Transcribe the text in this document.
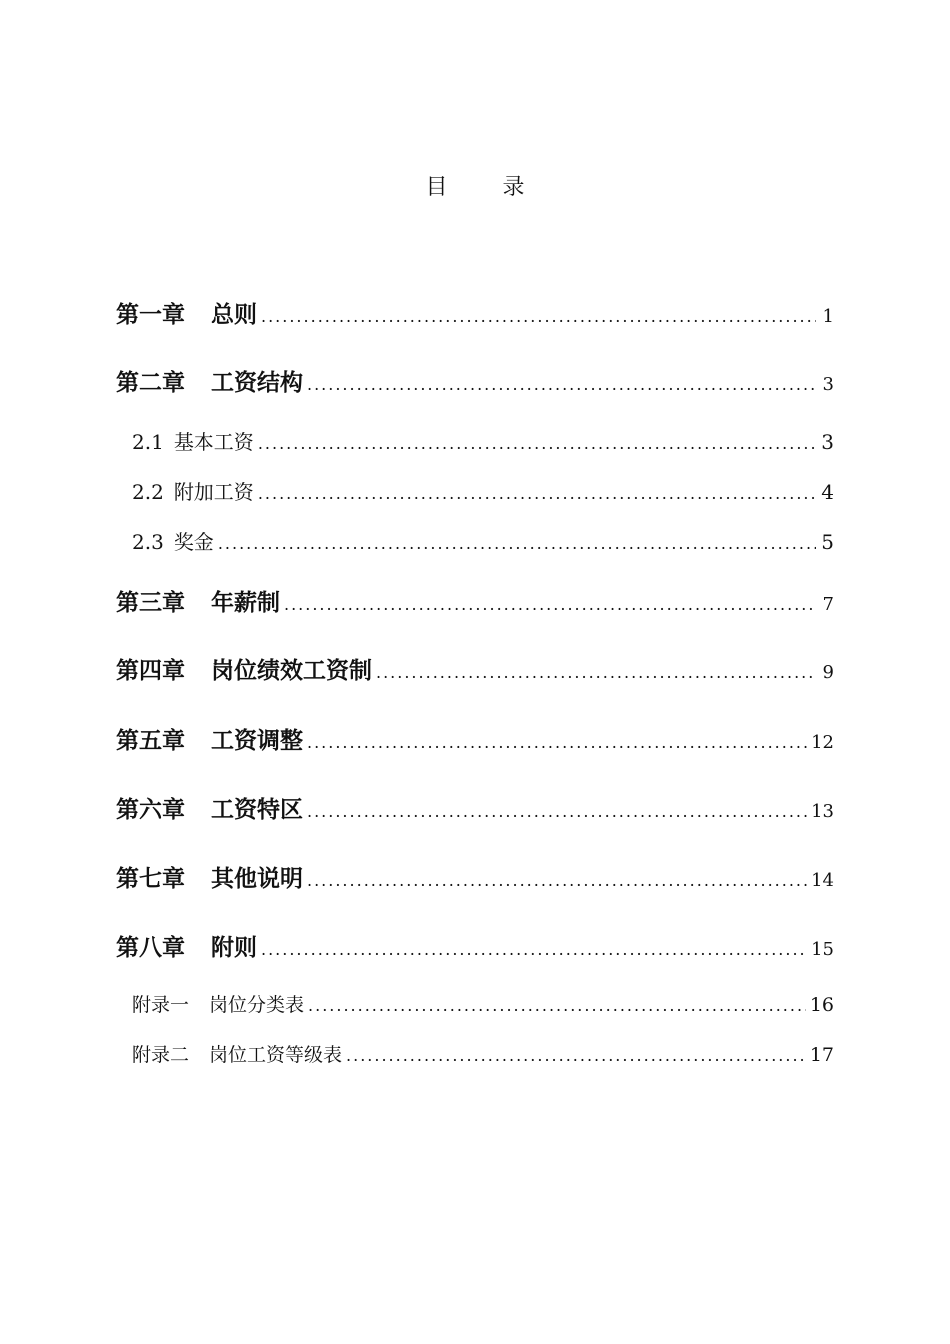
目	录
第一章 总则 .....	1
第二章 工资结构 .....	3
2.1 基本工资 .....	3
2.2 附加工资 .....	4
2.3 奖金 .....	5
第三章 年薪制 .....	7
第四章 岗位绩效工资制 .....	9
第五章 工资调整 .....	12
第六章 工资特区 .....	13
第七章 其他说明 .....	14
第八章 附则 .....	15
附录一 岗位分类表 .....	16
附录二 岗位工资等级表 .....	17
